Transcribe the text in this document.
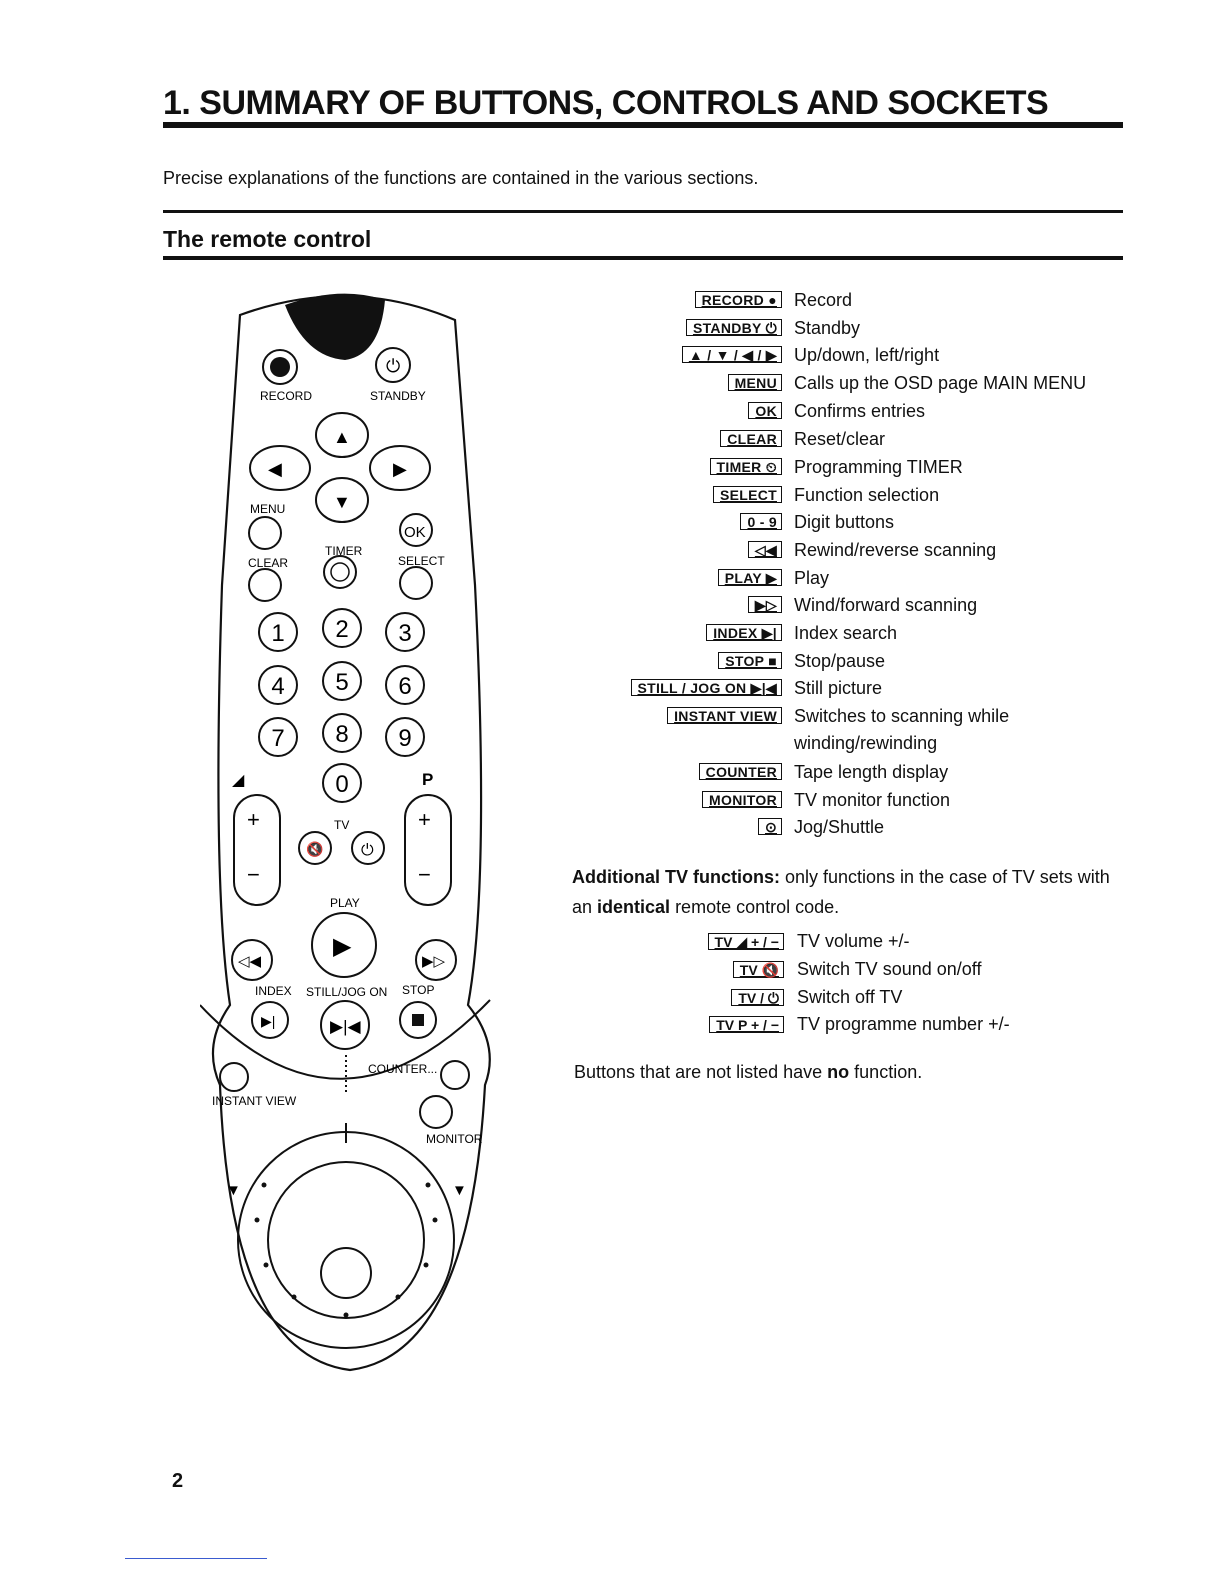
1. SUMMARY OF BUTTONS, CONTROLS AND SOCKETS
Precise explanations of the functions are contained in the various sections.
The remote control
RECORD
⏻
STANDBY
▲
▼
◀	▶
MENU
OK
CLEAR
TIMER
SELECT
1 2 3
4 5 6
7 8 9
0
◢	P
+
−
+
−
TV
🔇 ⏻
PLAY
▶
◁◀	▶▷
INDEX STILL/JOG ON STOP
▶|	▶|◀
COUNTER...
INSTANT VIEW
MONITOR
▼	▼
RECORD ● Record
STANDBY ⏻ Standby
▲ / ▼ / ◀ / ▶ Up/down, left/right
MENU Calls up the OSD page MAIN MENU
OK Confirms entries
CLEAR Reset/clear
TIMER ⏲ Programming TIMER
SELECT Function selection
0 - 9 Digit buttons
◁◀ Rewind/reverse scanning
PLAY ▶ Play
▶▷ Wind/forward scanning
INDEX ▶| Index search
STOP ■ Stop/pause
STILL / JOG ON ▶|◀ Still picture
INSTANT VIEW Switches to scanning while
winding/rewinding
COUNTER Tape length display
MONITOR TV monitor function
⊙ Jog/Shuttle
Additional TV functions: only functions in the case of TV sets with an identical remote control code.
TV ◢ + / − TV volume +/-
TV 🔇 Switch TV sound on/off
TV / ⏻ Switch off TV
TV P + / − TV programme number +/-
Buttons that are not listed have no function.
2
